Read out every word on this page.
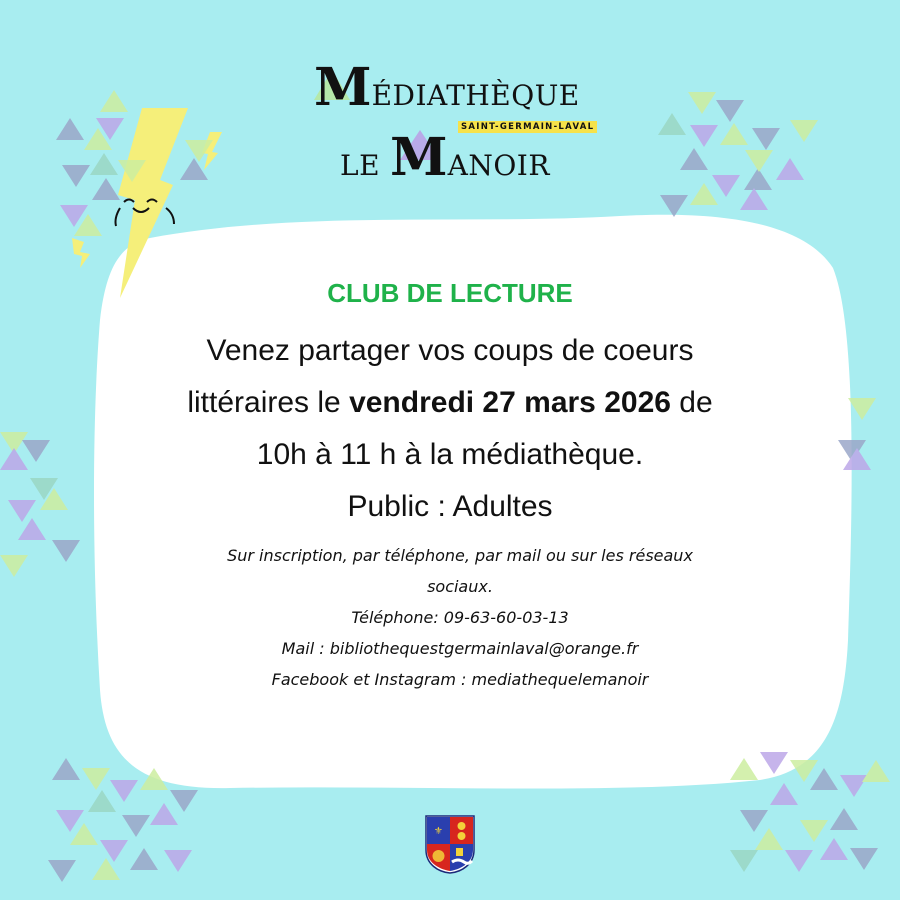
MÉDIATHÈQUE
SAINT-GERMAIN-LAVAL
LE MANOIR
CLUB DE LECTURE
Venez partager vos coups de coeurs
littéraires le vendredi 27 mars 2026 de
10h à 11 h à la médiathèque.
Public : Adultes
Sur inscription, par téléphone, par mail ou sur les réseaux
sociaux.
Téléphone: 09-63-60-03-13
Mail : bibliothequestgermainlaval@orange.fr
Facebook et Instagram : mediathequelemanoir
⚜
